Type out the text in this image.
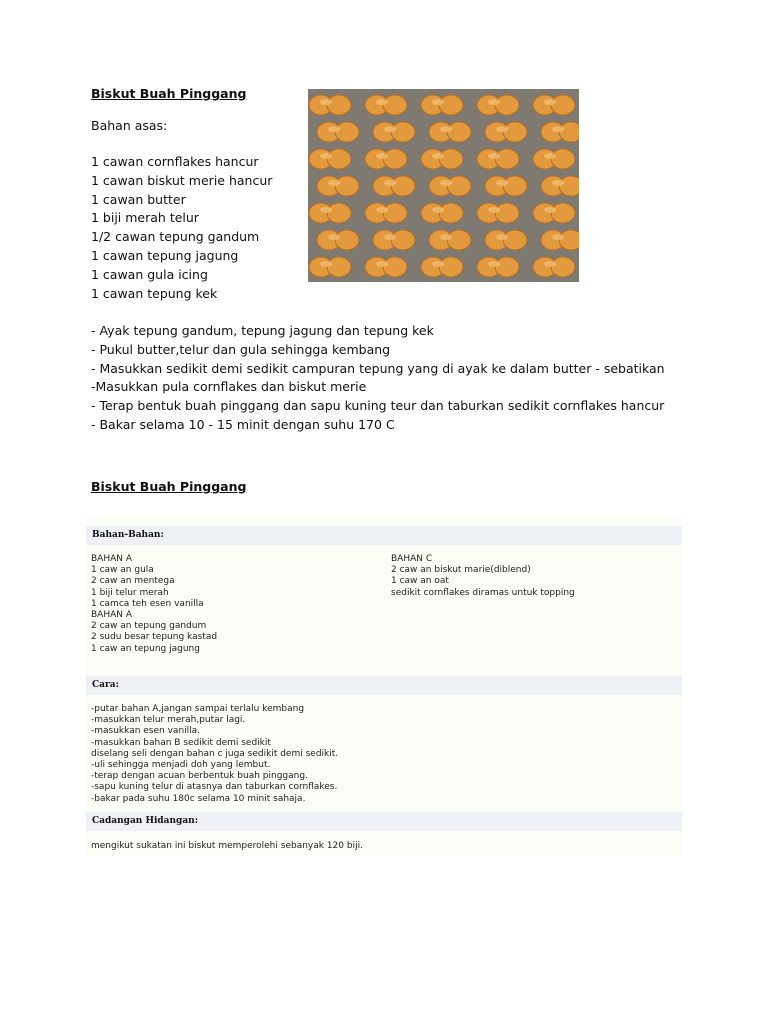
Biskut Buah Pinggang
Bahan asas:
1 cawan cornflakes hancur
1 cawan biskut merie hancur
1 cawan butter
1 biji merah telur
1/2 cawan tepung gandum
1 cawan tepung jagung
1 cawan gula icing
1 cawan tepung kek
- Ayak tepung gandum, tepung jagung dan tepung kek
- Pukul butter,telur dan gula sehingga kembang
- Masukkan sedikit demi sedikit campuran tepung yang di ayak ke dalam butter - sebatikan
-Masukkan pula cornflakes dan biskut merie
- Terap bentuk buah pinggang dan sapu kuning teur dan taburkan sedikit cornflakes hancur
- Bakar selama 10 - 15 minit dengan suhu 170 C
Biskut Buah Pinggang
Bahan-Bahan:
BAHAN A
1 caw an gula
2 caw an mentega
1 biji telur merah
1 camca teh esen vanilla
BAHAN A
2 caw an tepung gandum
2 sudu besar tepung kastad
1 caw an tepung jagung
BAHAN C
2 caw an biskut marie(diblend)
1 caw an oat
sedikit cornflakes diramas untuk topping
Cara:
-putar bahan A,jangan sampai terlalu kembang
-masukkan telur merah,putar lagi.
-masukkan esen vanilla.
-masukkan bahan B sedikit demi sedikit
diselang seli dengan bahan c juga sedikit demi sedikit.
-uli sehingga menjadi doh yang lembut.
-terap dengan acuan berbentuk buah pinggang.
-sapu kuning telur di atasnya dan taburkan cornflakes.
-bakar pada suhu 180c selama 10 minit sahaja.
Cadangan Hidangan:
mengikut sukatan ini biskut memperolehi sebanyak 120 biji.
